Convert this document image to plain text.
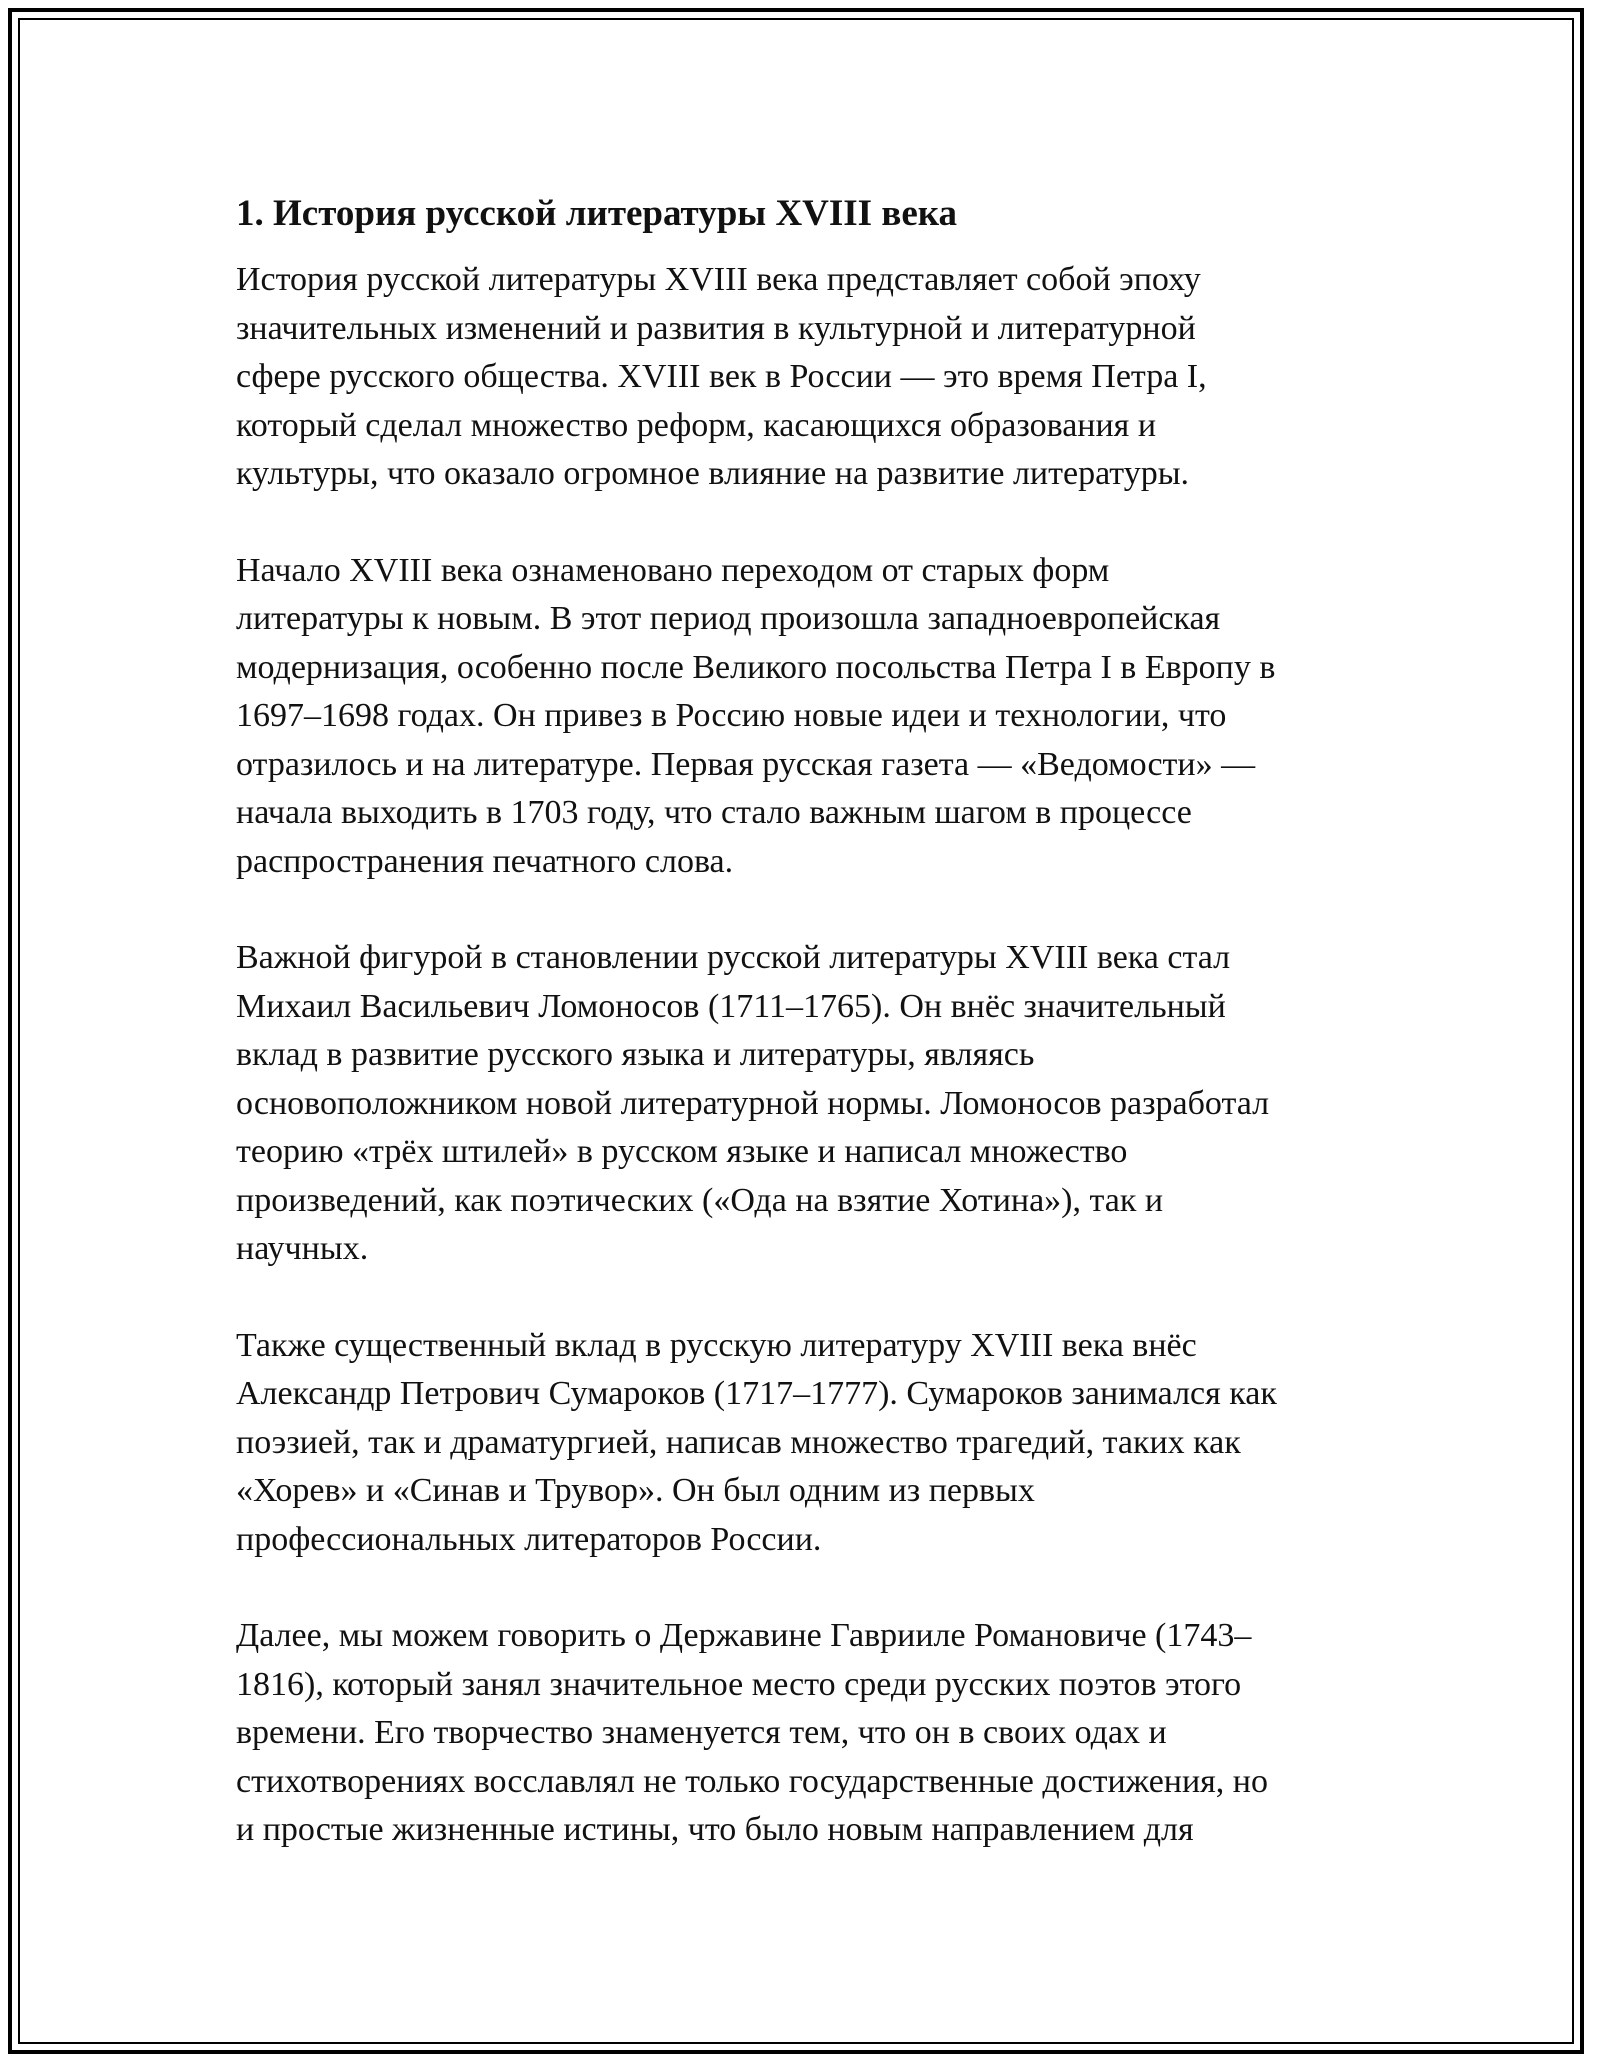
1. История русской литературы XVIII века

История русской литературы XVIII века представляет собой эпоху
значительных изменений и развития в культурной и литературной
сфере русского общества. XVIII век в России — это время Петра I,
который сделал множество реформ, касающихся образования и
культуры, что оказало огромное влияние на развитие литературы.

Начало XVIII века ознаменовано переходом от старых форм
литературы к новым. В этот период произошла западноевропейская
модернизация, особенно после Великого посольства Петра I в Европу в
1697–1698 годах. Он привез в Россию новые идеи и технологии, что
отразилось и на литературе. Первая русская газета — «Ведомости» —
начала выходить в 1703 году, что стало важным шагом в процессе
распространения печатного слова.

Важной фигурой в становлении русской литературы XVIII века стал
Михаил Васильевич Ломоносов (1711–1765). Он внёс значительный
вклад в развитие русского языка и литературы, являясь
основоположником новой литературной нормы. Ломоносов разработал
теорию «трёх штилей» в русском языке и написал множество
произведений, как поэтических («Ода на взятие Хотина»), так и
научных.

Также существенный вклад в русскую литературу XVIII века внёс
Александр Петрович Сумароков (1717–1777). Сумароков занимался как
поэзией, так и драматургией, написав множество трагедий, таких как
«Хорев» и «Синав и Трувор». Он был одним из первых
профессиональных литераторов России.

Далее, мы можем говорить о Державине Гаврииле Романовиче (1743–
1816), который занял значительное место среди русских поэтов этого
времени. Его творчество знаменуется тем, что он в своих одах и
стихотворениях восславлял не только государственные достижения, но
и простые жизненные истины, что было новым направлением для
